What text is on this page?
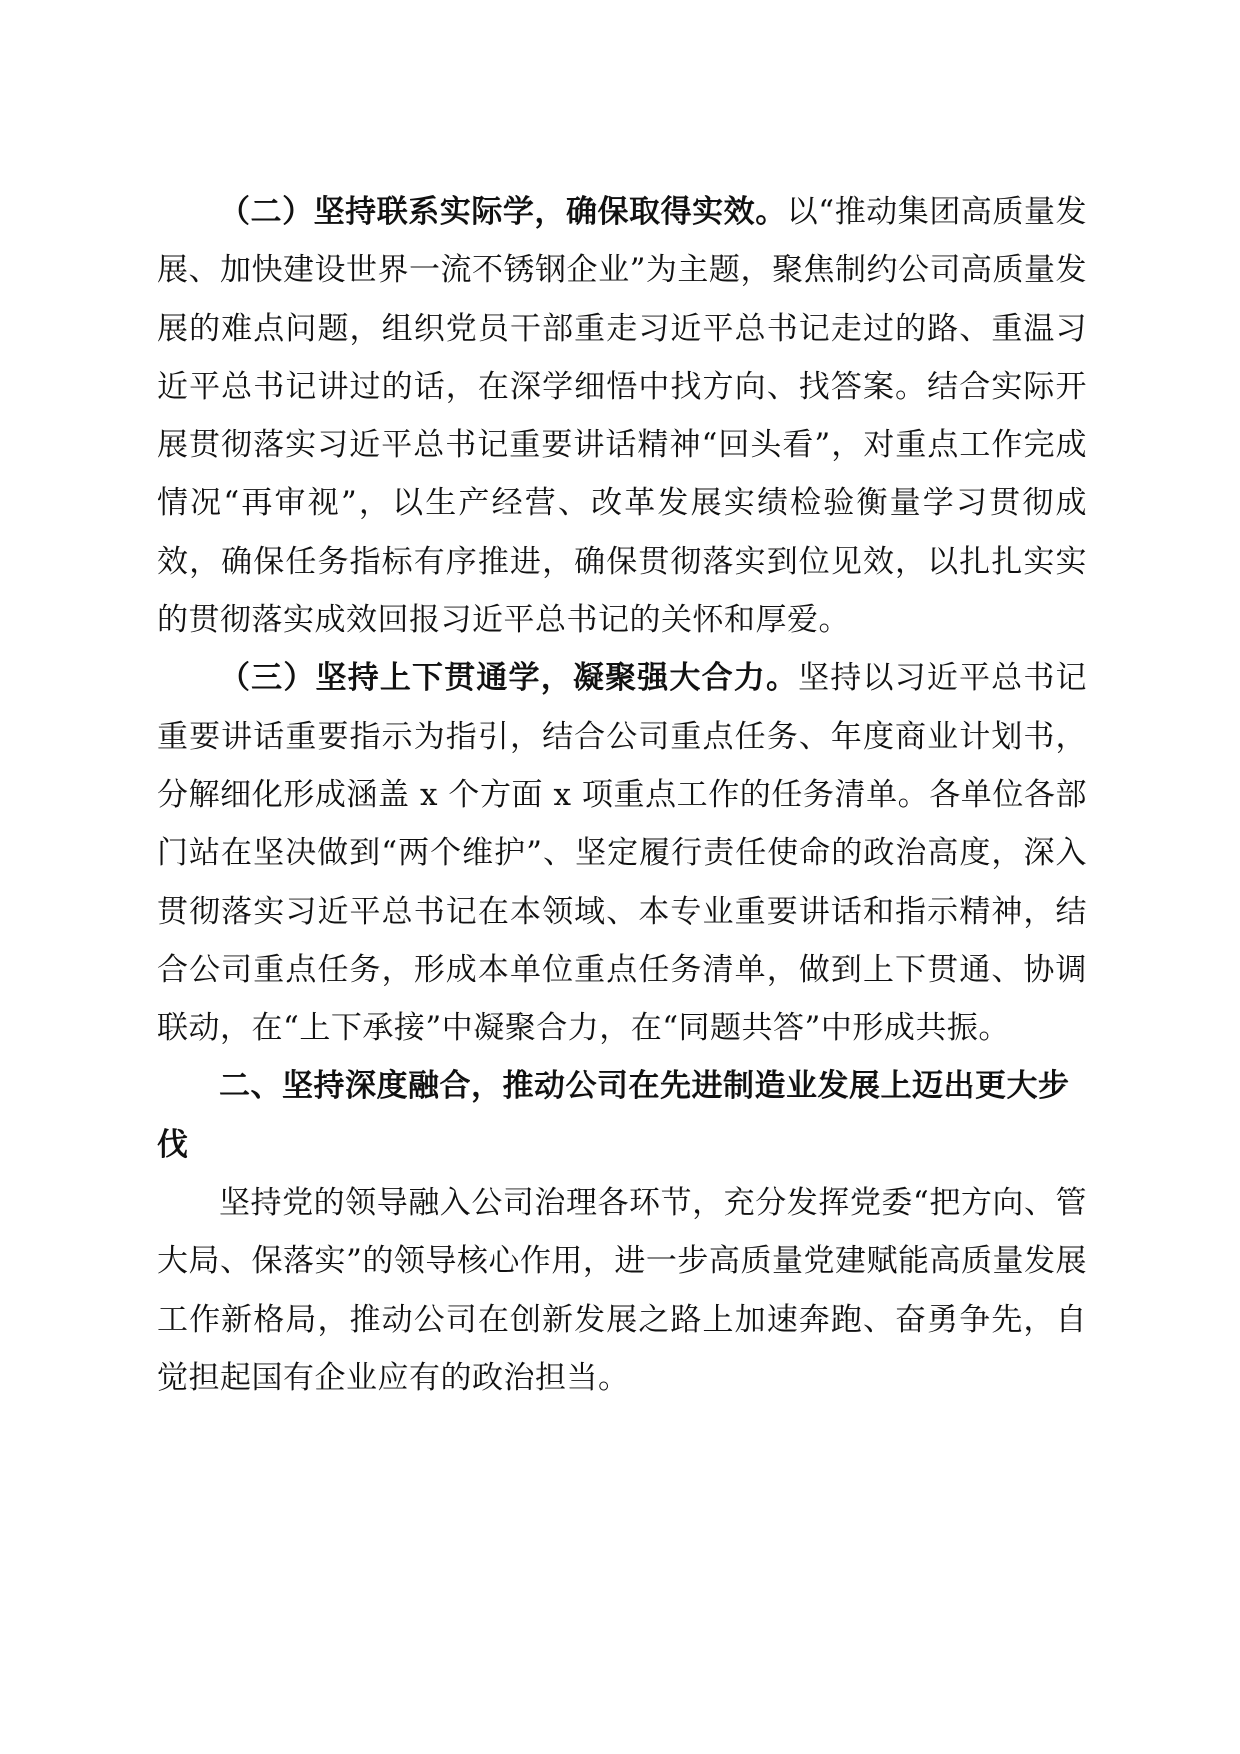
（二）坚持联系实际学，确保取得实效。以“推动集团高质量发展、加快建设世界一流不锈钢企业”为主题，聚焦制约公司高质量发展的难点问题，组织党员干部重走习近平总书记走过的路、重温习近平总书记讲过的话，在深学细悟中找方向、找答案。结合实际开展贯彻落实习近平总书记重要讲话精神“回头看”，对重点工作完成情况“再审视”，以生产经营、改革发展实绩检验衡量学习贯彻成效，确保任务指标有序推进，确保贯彻落实到位见效，以扎扎实实的贯彻落实成效回报习近平总书记的关怀和厚爱。

（三）坚持上下贯通学，凝聚强大合力。坚持以习近平总书记重要讲话重要指示为指引，结合公司重点任务、年度商业计划书，分解细化形成涵盖 x 个方面 x 项重点工作的任务清单。各单位各部门站在坚决做到“两个维护”、坚定履行责任使命的政治高度，深入贯彻落实习近平总书记在本领域、本专业重要讲话和指示精神，结合公司重点任务，形成本单位重点任务清单，做到上下贯通、协调联动，在“上下承接”中凝聚合力，在“同题共答”中形成共振。

二、坚持深度融合，推动公司在先进制造业发展上迈出更大步伐

坚持党的领导融入公司治理各环节，充分发挥党委“把方向、管大局、保落实”的领导核心作用，进一步高质量党建赋能高质量发展工作新格局，推动公司在创新发展之路上加速奔跑、奋勇争先，自觉担起国有企业应有的政治担当。
